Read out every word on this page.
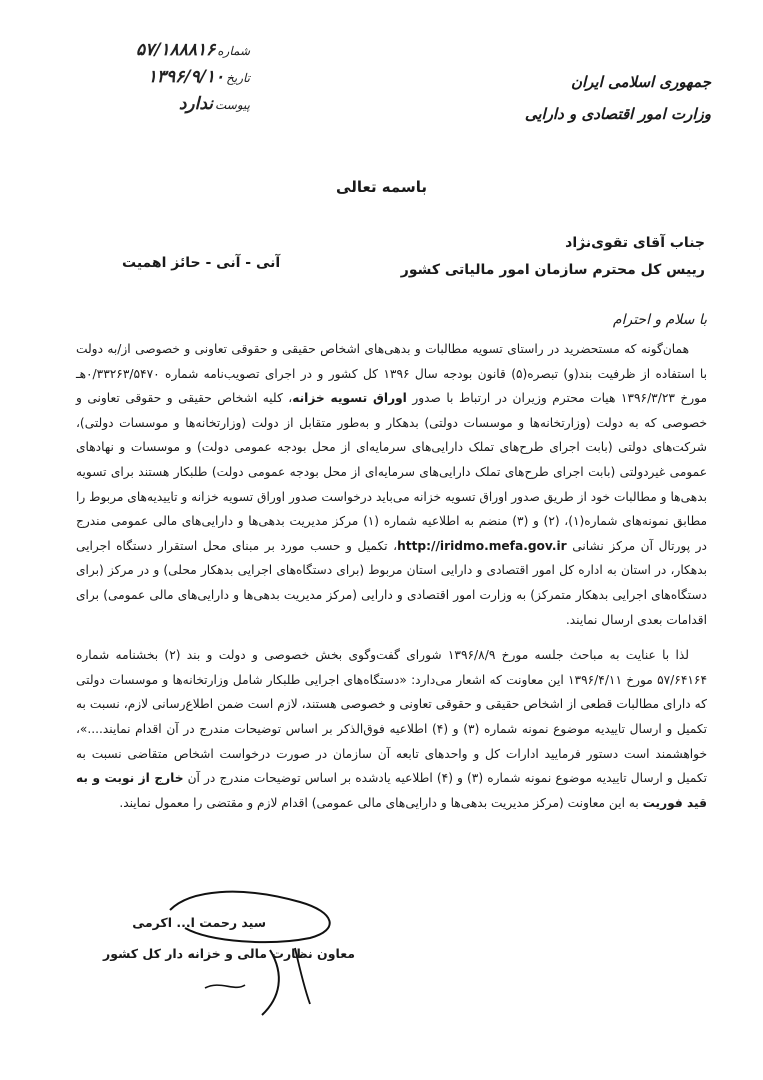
جمهوری اسلامی ایران
وزارت امور اقتصادی و دارایی
شماره
۵۷/۱۸۸۸۱۶
تاریخ
۱۳۹۶/۹/۱۰
پیوست
ندارد
باسمه تعالی
جناب آقای تقوی‌نژاد
رییس کل محترم سازمان امور مالیاتی کشور
آنی - آنی - حائز اهمیت
با سلام و احترام

همان‌گونه که مستحضرید در راستای تسویه مطالبات و بدهی‌های اشخاص حقیقی و حقوقی تعاونی و خصوصی از/به دولت با استفاده از ظرفیت بند(و) تبصره(۵) قانون بودجه سال ۱۳۹۶ کل کشور و در اجرای تصویب‌نامه شماره ۰/۳۳۲۶۳/۵۴۷۰هـ مورخ ۱۳۹۶/۳/۲۳ هیات محترم وزیران در ارتباط با صدور اوراق تسویه خزانه، کلیه اشخاص حقیقی و حقوقی تعاونی و خصوصی که به دولت (وزارتخانه‌ها و موسسات دولتی) بدهکار و به‌طور متقابل از دولت (وزارتخانه‌ها و موسسات دولتی)، شرکت‌های دولتی (بابت اجرای طرح‌های تملک دارایی‌های سرمایه‌ای از محل بودجه عمومی دولت) و موسسات و نهادهای عمومی غیردولتی (بابت اجرای طرح‌های تملک دارایی‌های سرمایه‌ای از محل بودجه عمومی دولت) طلبکار هستند برای تسویه بدهی‌ها و مطالبات خود از طریق صدور اوراق تسویه خزانه می‌باید درخواست صدور اوراق تسویه خزانه و تاییدیه‌های مربوط را مطابق نمونه‌های شماره(۱)، (۲) و (۳) منضم به اطلاعیه شماره (۱) مرکز مدیریت بدهی‌ها و دارایی‌های مالی عمومی مندرج در پورتال آن مرکز نشانی http://iridmo.mefa.gov.ir، تکمیل و حسب مورد بر مبنای محل استقرار دستگاه اجرایی بدهکار، در استان به اداره کل امور اقتصادی و دارایی استان مربوط (برای دستگاه‌های اجرایی بدهکار محلی) و در مرکز (برای دستگاه‌های اجرایی بدهکار متمرکز) به وزارت امور اقتصادی و دارایی (مرکز مدیریت بدهی‌ها و دارایی‌های مالی عمومی) برای اقدامات بعدی ارسال نمایند.

لذا با عنایت به مباحث جلسه مورخ ۱۳۹۶/۸/۹ شورای گفت‌وگوی بخش خصوصی و دولت و بند (۲) بخشنامه شماره ۵۷/۶۴۱۶۴ مورخ ۱۳۹۶/۴/۱۱ این معاونت که اشعار می‌دارد: «دستگاه‌های اجرایی طلبکار شامل وزارتخانه‌ها و موسسات دولتی که دارای مطالبات قطعی از اشخاص حقیقی و حقوقی تعاونی و خصوصی هستند، لازم است ضمن اطلاع‌رسانی لازم، نسبت به تکمیل و ارسال تاییدیه موضوع نمونه شماره (۳) و (۴) اطلاعیه فوق‌الذکر بر اساس توضیحات مندرج در آن اقدام نمایند....»، خواهشمند است دستور فرمایید ادارات کل و واحدهای تابعه آن سازمان در صورت درخواست اشخاص متقاضی نسبت به تکمیل و ارسال تاییدیه موضوع نمونه شماره (۳) و (۴) اطلاعیه یادشده بر اساس توضیحات مندرج در آن خارج از نوبت و به قید فوریت به این معاونت (مرکز مدیریت بدهی‌ها و دارایی‌های مالی عمومی) اقدام لازم و مقتضی را معمول نمایند.

سید رحمت ا... اکرمی
معاون نظارت مالی و خزانه دار کل کشور
